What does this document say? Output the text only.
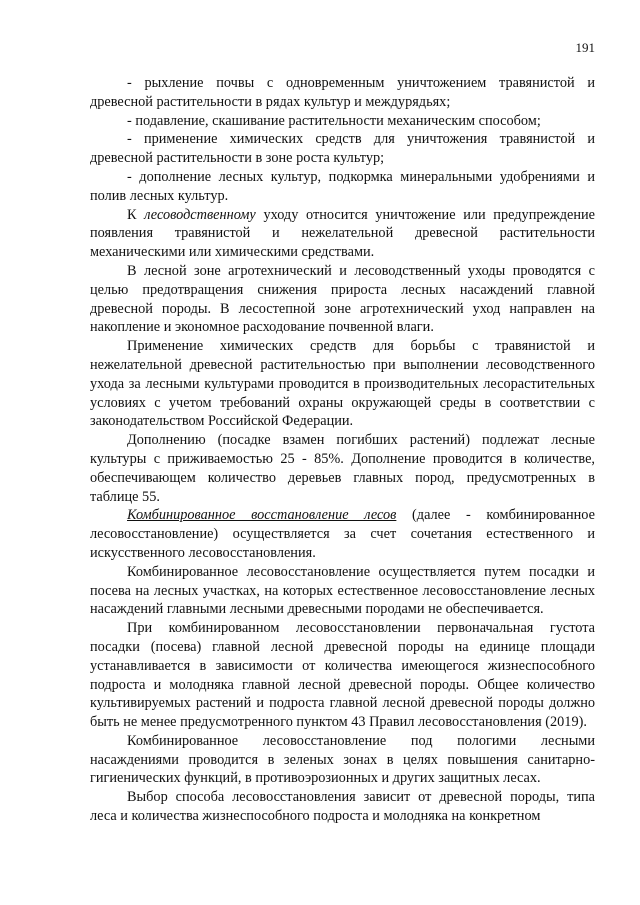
191

- рыхление почвы с одновременным уничтожением травянистой и древесной растительности в рядах культур и междурядьях;

- подавление, скашивание растительности механическим способом;

- применение химических средств для уничтожения травянистой и древесной растительности в зоне роста культур;

- дополнение лесных культур, подкормка минеральными удобрениями и полив лесных культур.

К лесоводственному уходу относится уничтожение или предупреждение появления травянистой и нежелательной древесной растительности механическими или химическими средствами.

В лесной зоне агротехнический и лесоводственный уходы проводятся с целью предотвращения снижения прироста лесных насаждений главной древесной породы. В лесостепной зоне агротехнический уход направлен на накопление и экономное расходование почвенной влаги.

Применение химических средств для борьбы с травянистой и нежелательной древесной растительностью при выполнении лесоводственного ухода за лесными культурами проводится в производительных лесорастительных условиях с учетом требований охраны окружающей среды в соответствии с законодательством Российской Федерации.

Дополнению (посадке взамен погибших растений) подлежат лесные культуры с приживаемостью 25 - 85%. Дополнение проводится в количестве, обеспечивающем количество деревьев главных пород, предусмотренных в таблице 55.

Комбинированное восстановление лесов (далее - комбинированное лесовосстановление) осуществляется за счет сочетания естественного и искусственного лесовосстановления.

Комбинированное лесовосстановление осуществляется путем посадки и посева на лесных участках, на которых естественное лесовосстановление лесных насаждений главными лесными древесными породами не обеспечивается.

При комбинированном лесовосстановлении первоначальная густота посадки (посева) главной лесной древесной породы на единице площади устанавливается в зависимости от количества имеющегося жизнеспособного подроста и молодняка главной лесной древесной породы. Общее количество культивируемых растений и подроста главной лесной древесной породы должно быть не менее предусмотренного пунктом 43 Правил лесовосстановления (2019).

Комбинированное лесовосстановление под пологими лесными насаждениями проводится в зеленых зонах в целях повышения санитарно-гигиенических функций, в противоэрозионных и других защитных лесах.

Выбор способа лесовосстановления зависит от древесной породы, типа леса и количества жизнеспособного подроста и молодняка на конкретном
